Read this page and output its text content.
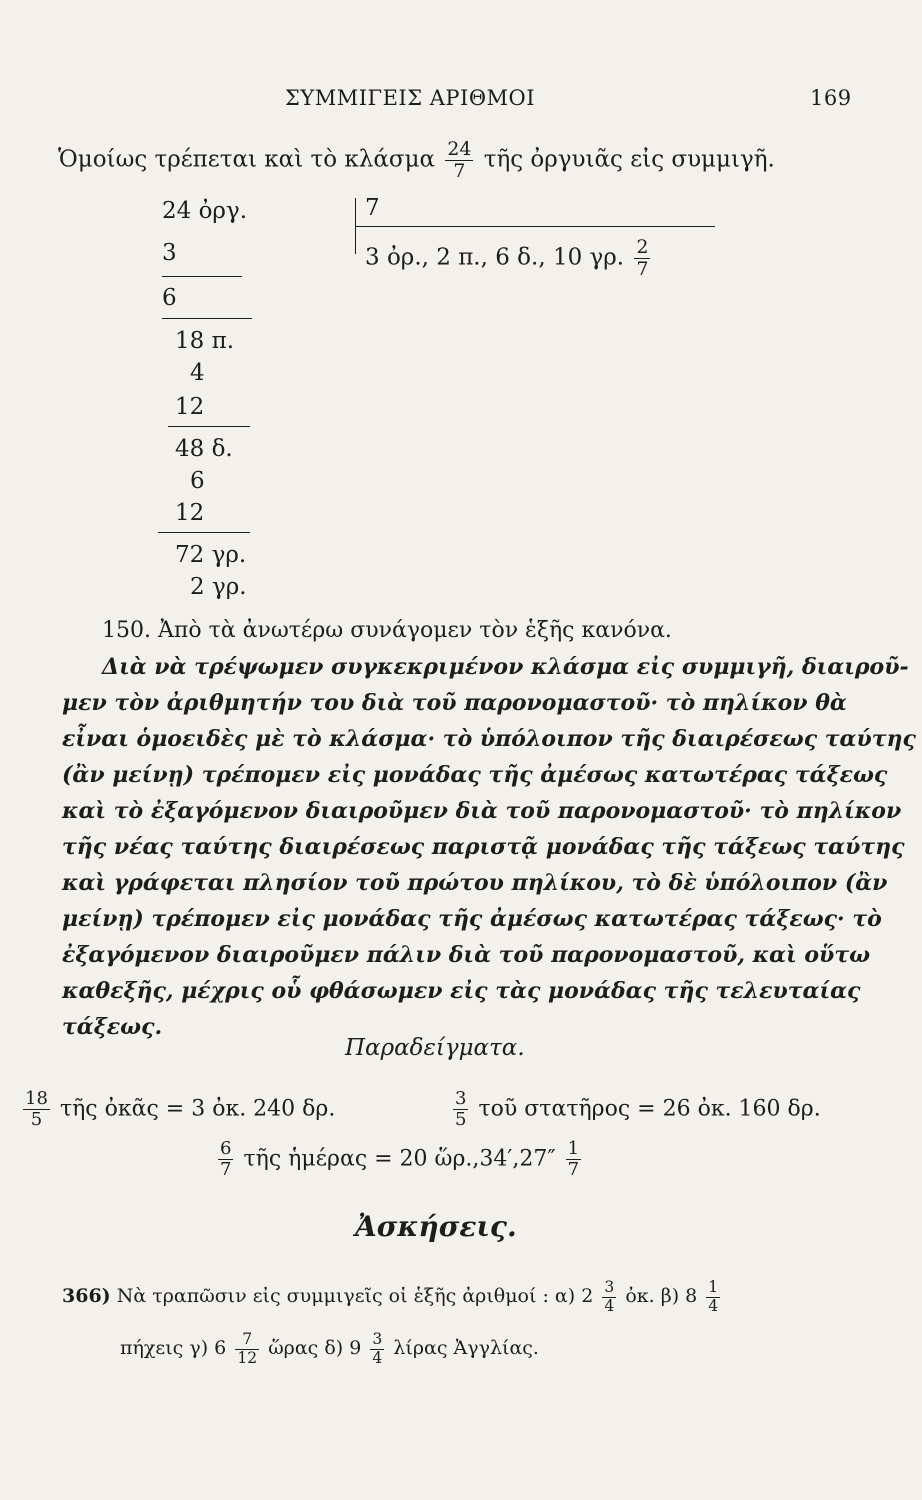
ΣΥΜΜΙΓΕΙΣ ΑΡΙΘΜΟΙ	169
Ὁμοίως τρέπεται καὶ τὸ κλάσμα $\frac{24}{7}$ τῆς ὀργυιᾶς εἰς συμμιγῆ.
24 ὀργ.
3
6
18 π.
4
12
48 δ.
6
12
72 γρ.
2 γρ.
7
3 ὀρ., 2 π., 6 δ., 10 γρ. $\frac{2}{7}$
150. Ἀπὸ τὰ ἀνωτέρω συνάγομεν τὸν ἑξῆς κανόνα.
Διὰ νὰ τρέψωμεν συγκεκριμένον κλάσμα εἰς συμμιγῆ, διαιροῦ-
μεν τὸν ἀριθμητήν του διὰ τοῦ παρονομαστοῦ· τὸ πηλίκον θὰ
εἶναι ὁμοειδὲς μὲ τὸ κλάσμα· τὸ ὑπόλοιπον τῆς διαιρέσεως ταύτης
(ἂν μείνῃ) τρέπομεν εἰς μονάδας τῆς ἀμέσως κατωτέρας τάξεως
καὶ τὸ ἐξαγόμενον διαιροῦμεν διὰ τοῦ παρονομαστοῦ· τὸ πηλίκον
τῆς νέας ταύτης διαιρέσεως παριστᾷ μονάδας τῆς τάξεως ταύτης
καὶ γράφεται πλησίον τοῦ πρώτου πηλίκου, τὸ δὲ ὑπόλοιπον (ἂν
μείνῃ) τρέπομεν εἰς μονάδας τῆς ἀμέσως κατωτέρας τάξεως· τὸ
ἐξαγόμενον διαιροῦμεν πάλιν διὰ τοῦ παρονομαστοῦ, καὶ οὕτω
καθεξῆς, μέχρις οὗ φθάσωμεν εἰς τὰς μονάδας τῆς τελευταίας
τάξεως.
Παραδείγματα.
$\frac{18}{5}$ τῆς ὀκᾶς = 3 ὀκ. 240 δρ.	$\frac{3}{5}$ τοῦ στατῆρος = 26 ὀκ. 160 δρ.
$\frac{6}{7}$ τῆς ἡμέρας = 20 ὥρ.,34′,27″ $\frac{1}{7}$
Ἀσκήσεις.
366) Νὰ τραπῶσιν εἰς συμμιγεῖς οἱ ἑξῆς ἀριθμοί : α) $2 \frac{3}{4}$ ὀκ. β) $8 \frac{1}{4}$
πήχεις γ) $6 \frac{7}{12}$ ὥρας δ) $9 \frac{3}{4}$ λίρας Ἀγγλίας.
